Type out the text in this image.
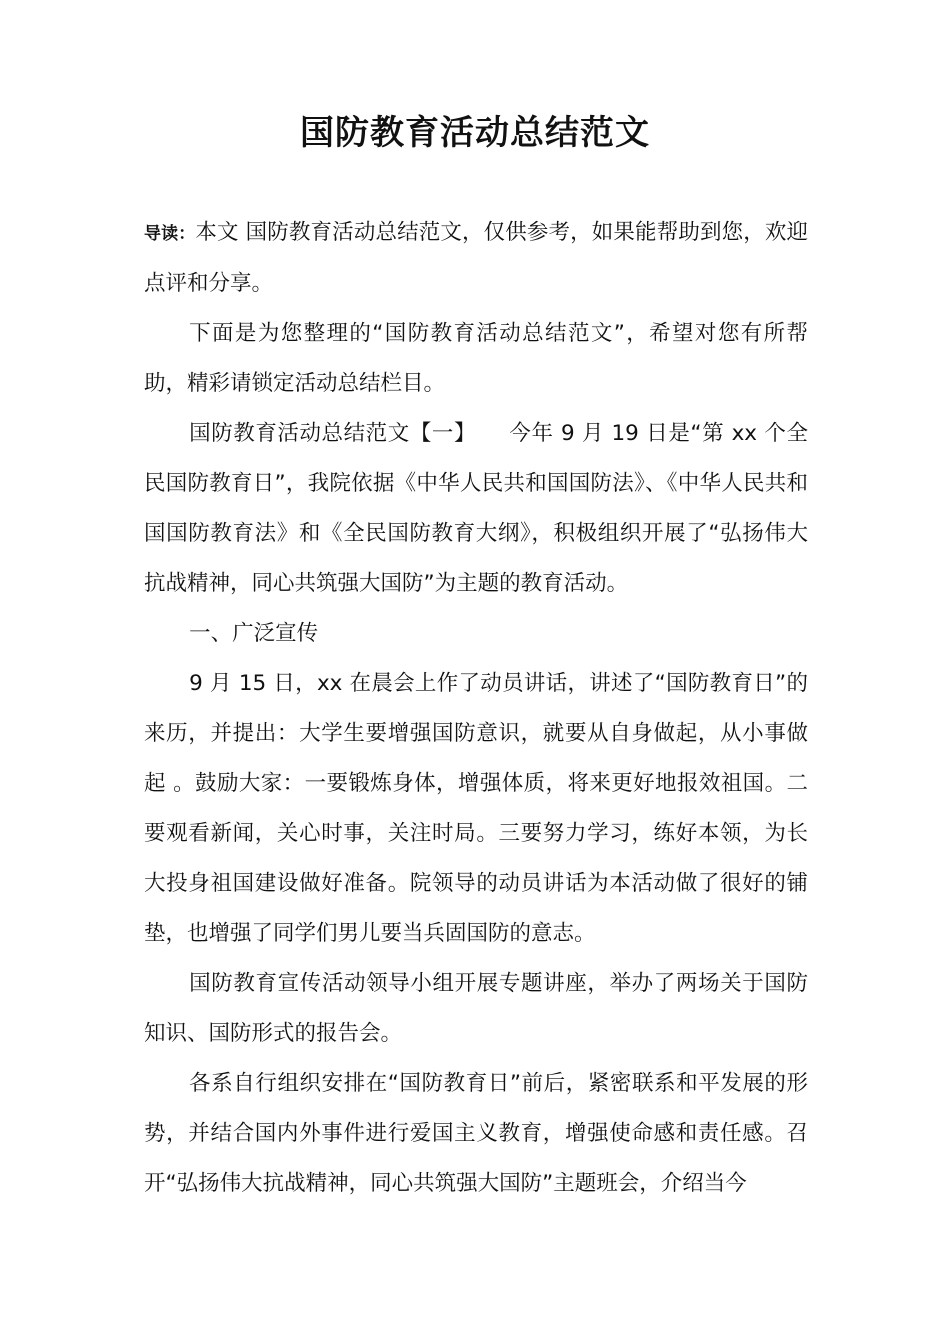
国防教育活动总结范文

导读：本文 国防教育活动总结范文，仅供参考，如果能帮助到您，欢迎点评和分享。

下面是为您整理的“国防教育活动总结范文”，希望对您有所帮助，精彩请锁定活动总结栏目。

国防教育活动总结范文【一】　　今年 9 月 19 日是“第 xx 个全民国防教育日”，我院依据《中华人民共和国国防法》、《中华人民共和国国防教育法》和《全民国防教育大纲》，积极组织开展了“弘扬伟大抗战精神，同心共筑强大国防”为主题的教育活动。

一、广泛宣传

9 月 15 日，xx 在晨会上作了动员讲话，讲述了“国防教育日”的来历，并提出：大学生要增强国防意识，就要从自身做起，从小事做起 。鼓励大家：一要锻炼身体，增强体质，将来更好地报效祖国。二要观看新闻，关心时事，关注时局。三要努力学习，练好本领，为长大投身祖国建设做好准备。院领导的动员讲话为本活动做了很好的铺垫，也增强了同学们男儿要当兵固国防的意志。

国防教育宣传活动领导小组开展专题讲座，举办了两场关于国防知识、国防形式的报告会。

各系自行组织安排在“国防教育日”前后，紧密联系和平发展的形势，并结合国内外事件进行爱国主义教育，增强使命感和责任感。召开“弘扬伟大抗战精神，同心共筑强大国防”主题班会，介绍当今
